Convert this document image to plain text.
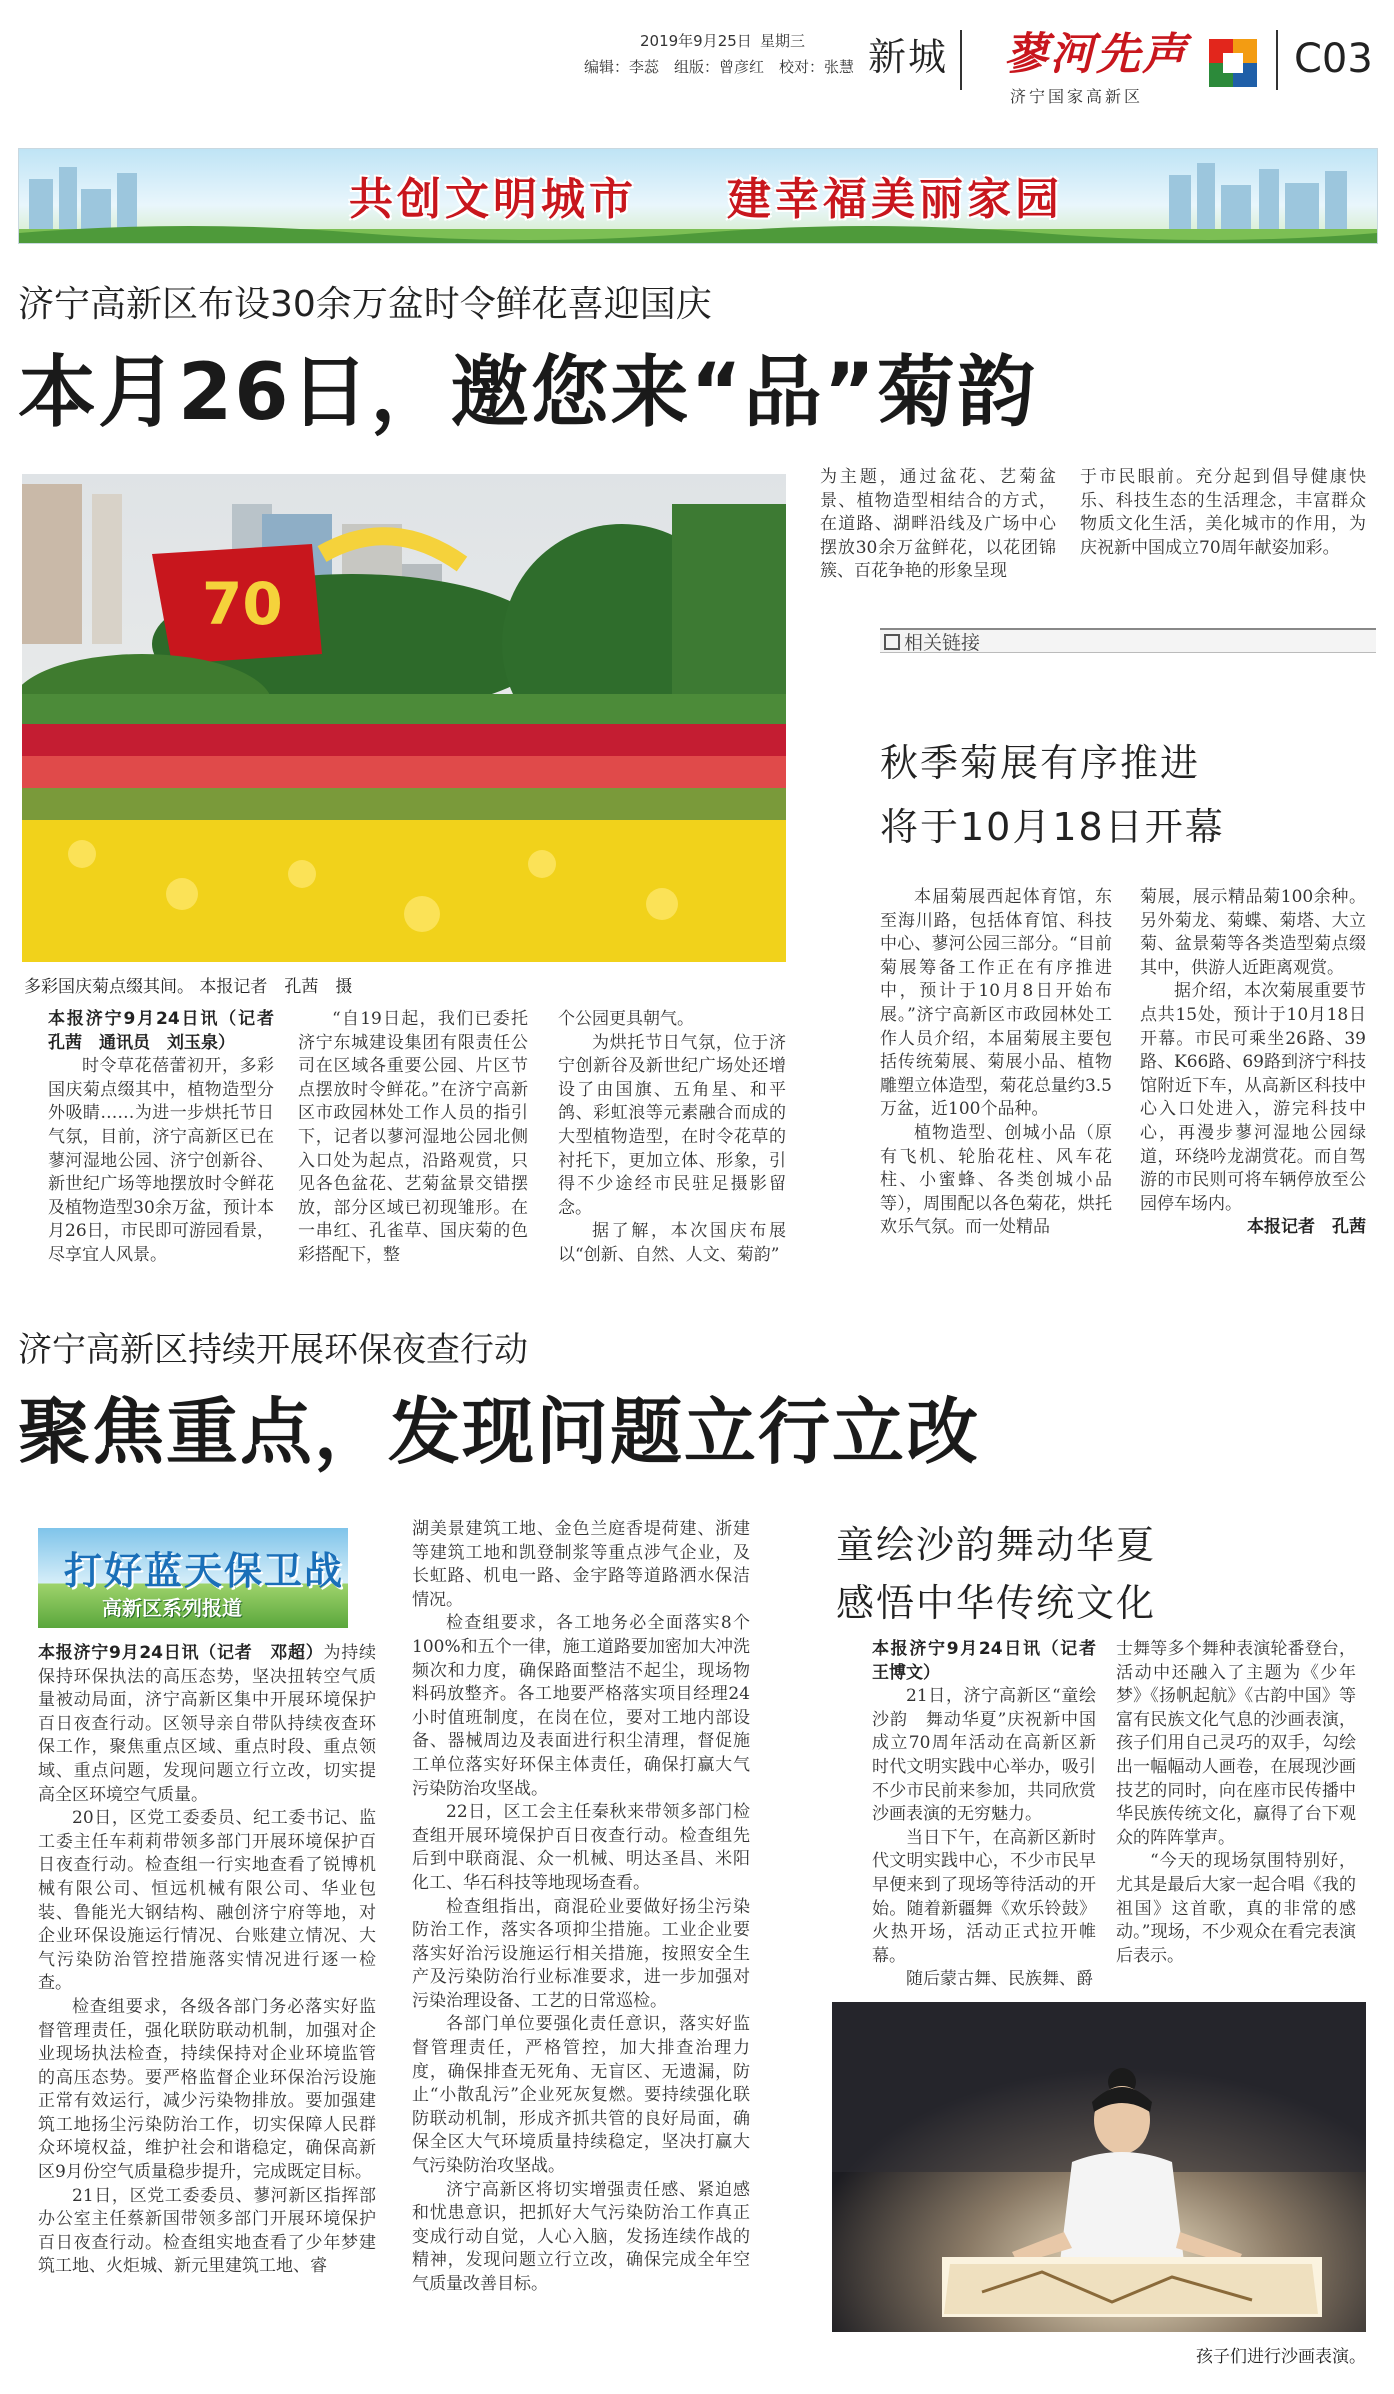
2019年9月25日 星期三
编辑：李蕊　组版：曾彦红　校对：张慧 新城 蓼河先声
济宁国家高新区
C03
共创文明城市 建幸福美丽家园
济宁高新区布设30余万盆时令鲜花喜迎国庆
本月26日，邀您来“品”菊韵
70
多彩国庆菊点缀其间。 本报记者　孔茜　摄

本报济宁9月24日讯（记者　孔茜　通讯员　刘玉泉）

时令草花蓓蕾初开，多彩国庆菊点缀其中，植物造型分外吸睛……为进一步烘托节日气氛，目前，济宁高新区已在蓼河湿地公园、济宁创新谷、新世纪广场等地摆放时令鲜花及植物造型30余万盆，预计本月26日，市民即可游园看景，尽享宜人风景。

“自19日起，我们已委托济宁东城建设集团有限责任公司在区域各重要公园、片区节点摆放时令鲜花。”在济宁高新区市政园林处工作人员的指引下，记者以蓼河湿地公园北侧入口处为起点，沿路观赏，只见各色盆花、艺菊盆景交错摆放，部分区域已初现雏形。在一串红、孔雀草、国庆菊的色彩搭配下，整

个公园更具朝气。

为烘托节日气氛，位于济宁创新谷及新世纪广场处还增设了由国旗、五角星、和平鸽、彩虹浪等元素融合而成的大型植物造型，在时令花草的衬托下，更加立体、形象，引得不少途经市民驻足摄影留念。

据了解，本次国庆布展以“创新、自然、人文、菊韵”

为主题，通过盆花、艺菊盆景、植物造型相结合的方式，在道路、湖畔沿线及广场中心摆放30余万盆鲜花，以花团锦簇、百花争艳的形象呈现

于市民眼前。充分起到倡导健康快乐、科技生态的生活理念，丰富群众物质文化生活，美化城市的作用，为庆祝新中国成立70周年献姿加彩。

相关链接
秋季菊展有序推进
将于10月18日开幕

本届菊展西起体育馆，东至海川路，包括体育馆、科技中心、蓼河公园三部分。“目前菊展筹备工作正在有序推进中，预计于10月8日开始布展。”济宁高新区市政园林处工作人员介绍，本届菊展主要包括传统菊展、菊展小品、植物雕塑立体造型，菊花总量约3.5万盆，近100个品种。

植物造型、创城小品（原有飞机、轮胎花柱、风车花柱、小蜜蜂、各类创城小品等），周围配以各色菊花，烘托欢乐气氛。而一处精品

菊展，展示精品菊100余种。另外菊龙、菊蝶、菊塔、大立菊、盆景菊等各类造型菊点缀其中，供游人近距离观赏。

据介绍，本次菊展重要节点共15处，预计于10月18日开幕。市民可乘坐26路、39路、K66路、69路到济宁科技馆附近下车，从高新区科技中心入口处进入，游完科技中心，再漫步蓼河湿地公园绿道，环绕吟龙湖赏花。而自驾游的市民则可将车辆停放至公园停车场内。

本报记者　孔茜

济宁高新区持续开展环保夜查行动
聚焦重点，发现问题立行立改
打好蓝天保卫战
高新区系列报道

本报济宁9月24日讯（记者　邓超）为持续保持环保执法的高压态势，坚决扭转空气质量被动局面，济宁高新区集中开展环境保护百日夜查行动。区领导亲自带队持续夜查环保工作，聚焦重点区域、重点时段、重点领域、重点问题，发现问题立行立改，切实提高全区环境空气质量。

20日，区党工委委员、纪工委书记、监工委主任车莉莉带领多部门开展环境保护百日夜查行动。检查组一行实地查看了锐博机械有限公司、恒远机械有限公司、华业包装、鲁能光大钢结构、融创济宁府等地，对企业环保设施运行情况、台账建立情况、大气污染防治管控措施落实情况进行逐一检查。

检查组要求，各级各部门务必落实好监督管理责任，强化联防联动机制，加强对企业现场执法检查，持续保持对企业环境监管的高压态势。要严格监督企业环保治污设施正常有效运行，减少污染物排放。要加强建筑工地扬尘污染防治工作，切实保障人民群众环境权益，维护社会和谐稳定，确保高新区9月份空气质量稳步提升，完成既定目标。

21日，区党工委委员、蓼河新区指挥部办公室主任蔡新国带领多部门开展环境保护百日夜查行动。检查组实地查看了少年梦建筑工地、火炬城、新元里建筑工地、睿

湖美景建筑工地、金色兰庭香堤荷建、浙建等建筑工地和凯登制浆等重点涉气企业，及长虹路、机电一路、金宇路等道路洒水保洁情况。

检查组要求，各工地务必全面落实8个100%和五个一律，施工道路要加密加大冲洗频次和力度，确保路面整洁不起尘，现场物料码放整齐。各工地要严格落实项目经理24小时值班制度，在岗在位，要对工地内部设备、器械周边及表面进行积尘清理，督促施工单位落实好环保主体责任，确保打赢大气污染防治攻坚战。

22日，区工会主任秦秋来带领多部门检查组开展环境保护百日夜查行动。检查组先后到中联商混、众一机械、明达圣昌、米阳化工、华石科技等地现场查看。

检查组指出，商混砼业要做好扬尘污染防治工作，落实各项抑尘措施。工业企业要落实好治污设施运行相关措施，按照安全生产及污染防治行业标准要求，进一步加强对污染治理设备、工艺的日常巡检。

各部门单位要强化责任意识，落实好监督管理责任，严格管控，加大排查治理力度，确保排查无死角、无盲区、无遗漏，防止“小散乱污”企业死灰复燃。要持续强化联防联动机制，形成齐抓共管的良好局面，确保全区大气环境质量持续稳定，坚决打赢大气污染防治攻坚战。

济宁高新区将切实增强责任感、紧迫感和忧患意识，把抓好大气污染防治工作真正变成行动自觉，人心入脑，发扬连续作战的精神，发现问题立行立改，确保完成全年空气质量改善目标。

童绘沙韵舞动华夏
感悟中华传统文化

本报济宁9月24日讯（记者　王博文）

21日，济宁高新区“童绘沙韵　舞动华夏”庆祝新中国成立70周年活动在高新区新时代文明实践中心举办，吸引不少市民前来参加，共同欣赏沙画表演的无穷魅力。

当日下午，在高新区新时代文明实践中心，不少市民早早便来到了现场等待活动的开始。随着新疆舞《欢乐铃鼓》火热开场，活动正式拉开帷幕。

随后蒙古舞、民族舞、爵

士舞等多个舞种表演轮番登台，活动中还融入了主题为《少年梦》《扬帆起航》《古韵中国》等富有民族文化气息的沙画表演，孩子们用自己灵巧的双手，勾绘出一幅幅动人画卷，在展现沙画技艺的同时，向在座市民传播中华民族传统文化，赢得了台下观众的阵阵掌声。

“今天的现场氛围特别好，尤其是最后大家一起合唱《我的祖国》这首歌，真的非常的感动。”现场，不少观众在看完表演后表示。

孩子们进行沙画表演。
